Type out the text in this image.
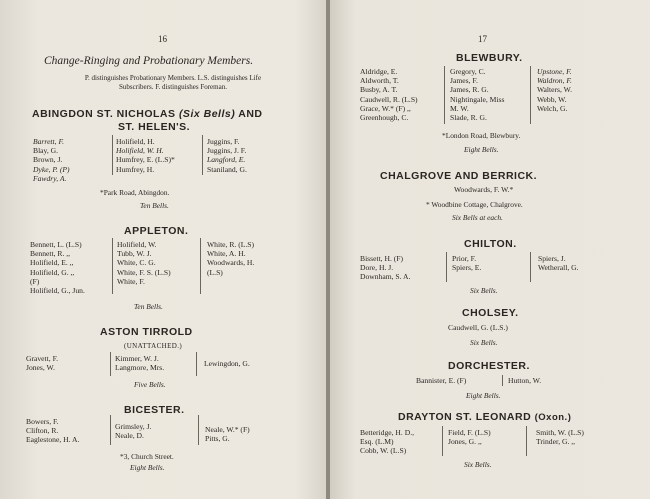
16
Change-Ringing and Probationary Members.
P. distinguishes Probationary Members. L.S. distinguishes Life
Subscribers. F. distinguishes Foreman.
ABINGDON ST. NICHOLAS (Six Bells) AND
ST. HELEN'S.
Barrett, F.
Blay, G.
Brown, J.
Dyke, P. (P)
Fawdry, A.
Holifield, H.
Holifield, W. H.
Humfrey, E. (L.S)*
Humfrey, H.
Juggins, F.
Juggins, J. F.
Langford, E.
Staniland, G.
*Park Road, Abingdon.
Ten Bells.
APPLETON.
Bennett, L. (L.S)
Bennett, R. ,,
Holifield, E. ,,
Holifield, G. ,,
(F)
Holifield, G., Jun.
Holifield, W.
Tubb, W. J.
White, C. G.
White, F. S. (L.S)
White, F.
White, R. (L.S)
White, A. H.
Woodwards, H.
(L.S)
Ten Bells.
ASTON TIRROLD
(UNATTACHED.)
Gravett, F.
Jones, W.
Kimmer, W. J.
Langmore, Mrs.	Lewingdon, G.
Five Bells.
BICESTER.
Bowers, F.
Clifton, R.
Eaglestone, H. A.
Grimsley, J.
Neale, D.
Neale, W.* (F)
Pitts, G.
*3, Church Street.
Eight Bells.
17
BLEWBURY.
Aldridge, E.
Aldworth, T.
Busby, A. T.
Caudwell, R. (L.S)
Grace, W.* (F) ,,
Greenhough, C.
Gregory, C.
James, F.
James, R. G.
Nightingale, Miss
M. W.
Slade, R. G.
Upstone, F.
Waldron, F.
Walters, W.
Webb, W.
Welch, G.
*London Road, Blewbury.
Eight Bells.
CHALGROVE AND BERRICK.
Woodwards, F. W.*
* Woodbine Cottage, Chalgrove.
Six Bells at each.
CHILTON.
Bissett, H. (F)
Dore, H. J.
Downham, S. A.
Prior, F.
Spiers, E.
Spiers, J.
Wetherall, G.
Six Bells.
CHOLSEY.
Caudwell, G. (L.S.)
Six Bells.
DORCHESTER.
Bannister, E. (F)	Hutton, W.
Eight Bells.
DRAYTON ST. LEONARD (Oxon.)
Betteridge, H. D.,
Esq. (L.M)
Cobb, W. (L.S)
Field, F. (L.S)
Jones, G. ,,
Smith, W. (L.S)
Trinder, G. ,,
Six Bells.
